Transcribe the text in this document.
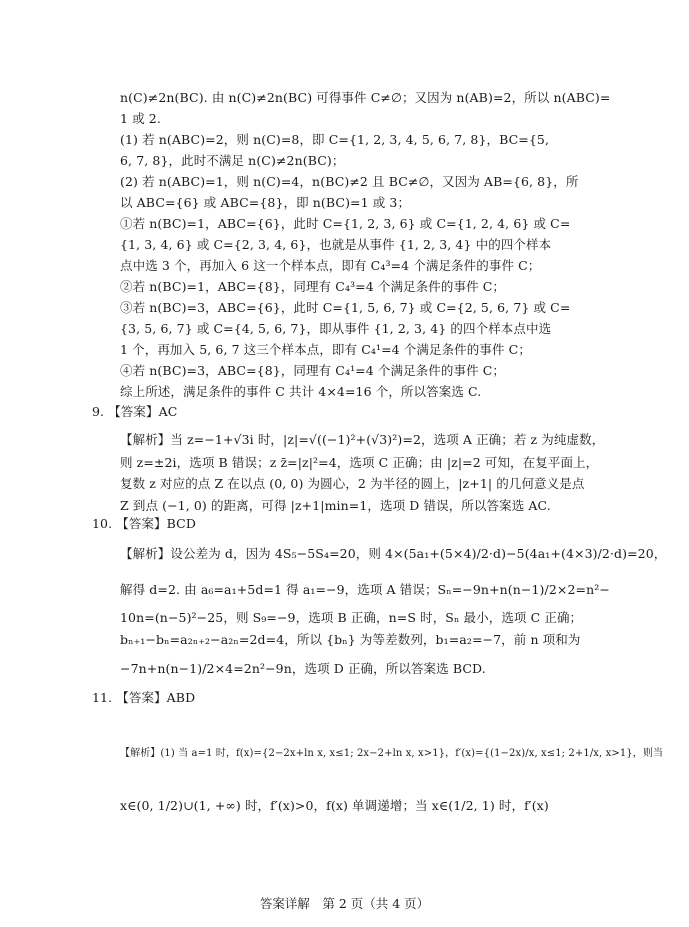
n(C)≠2n(BC). 由 n(C)≠2n(BC) 可得事件 C≠∅；又因为 n(AB)=2，所以 n(ABC)=
1 或 2.
(1) 若 n(ABC)=2，则 n(C)=8，即 C={1, 2, 3, 4, 5, 6, 7, 8}，BC={5,
6, 7, 8}，此时不满足 n(C)≠2n(BC)；
(2) 若 n(ABC)=1，则 n(C)=4，n(BC)≠2 且 BC≠∅，又因为 AB={6, 8}，所
以 ABC={6} 或 ABC={8}，即 n(BC)=1 或 3；
①若 n(BC)=1，ABC={6}，此时 C={1, 2, 3, 6} 或 C={1, 2, 4, 6} 或 C=
{1, 3, 4, 6} 或 C={2, 3, 4, 6}，也就是从事件 {1, 2, 3, 4} 中的四个样本
点中选 3 个，再加入 6 这一个样本点，即有 C₄³=4 个满足条件的事件 C；
②若 n(BC)=1，ABC={8}，同理有 C₄³=4 个满足条件的事件 C；
③若 n(BC)=3，ABC={6}，此时 C={1, 5, 6, 7} 或 C={2, 5, 6, 7} 或 C=
{3, 5, 6, 7} 或 C={4, 5, 6, 7}，即从事件 {1, 2, 3, 4} 的四个样本点中选
1 个，再加入 5, 6, 7 这三个样本点，即有 C₄¹=4 个满足条件的事件 C；
④若 n(BC)=3，ABC={8}，同理有 C₄¹=4 个满足条件的事件 C；
综上所述，满足条件的事件 C 共计 4×4=16 个，所以答案选 C.
9. 【答案】AC
【解析】当 z=−1+√3i 时，|z|=√((−1)²+(√3)²)=2，选项 A 正确；若 z 为纯虚数，
则 z=±2i，选项 B 错误；z z̄=|z|²=4，选项 C 正确；由 |z|=2 可知，在复平面上，
复数 z 对应的点 Z 在以点 (0, 0) 为圆心，2 为半径的圆上，|z+1| 的几何意义是点
Z 到点 (−1, 0) 的距离，可得 |z+1|min=1，选项 D 错误，所以答案选 AC.
10. 【答案】BCD
【解析】设公差为 d，因为 4S₅−5S₄=20，则 4×(5a₁+(5×4)/2·d)−5(4a₁+(4×3)/2·d)=20，
解得 d=2. 由 a₆=a₁+5d=1 得 a₁=−9，选项 A 错误；Sₙ=−9n+n(n−1)/2×2=n²−
10n=(n−5)²−25，则 S₉=−9，选项 B 正确，n=S 时，Sₙ 最小，选项 C 正确；
bₙ₊₁−bₙ=a₂ₙ₊₂−a₂ₙ=2d=4，所以 {bₙ} 为等差数列，b₁=a₂=−7，前 n 项和为
−7n+n(n−1)/2×4=2n²−9n，选项 D 正确，所以答案选 BCD.
11. 【答案】ABD
【解析】(1) 当 a=1 时，f(x)={2−2x+ln x, x≤1; 2x−2+ln x, x>1}，f′(x)={(1−2x)/x, x≤1; 2+1/x, x>1}，则当
x∈(0, 1/2)∪(1, +∞) 时，f′(x)>0，f(x) 单调递增；当 x∈(1/2, 1) 时，f′(x)
答案详解　第 2 页（共 4 页）
